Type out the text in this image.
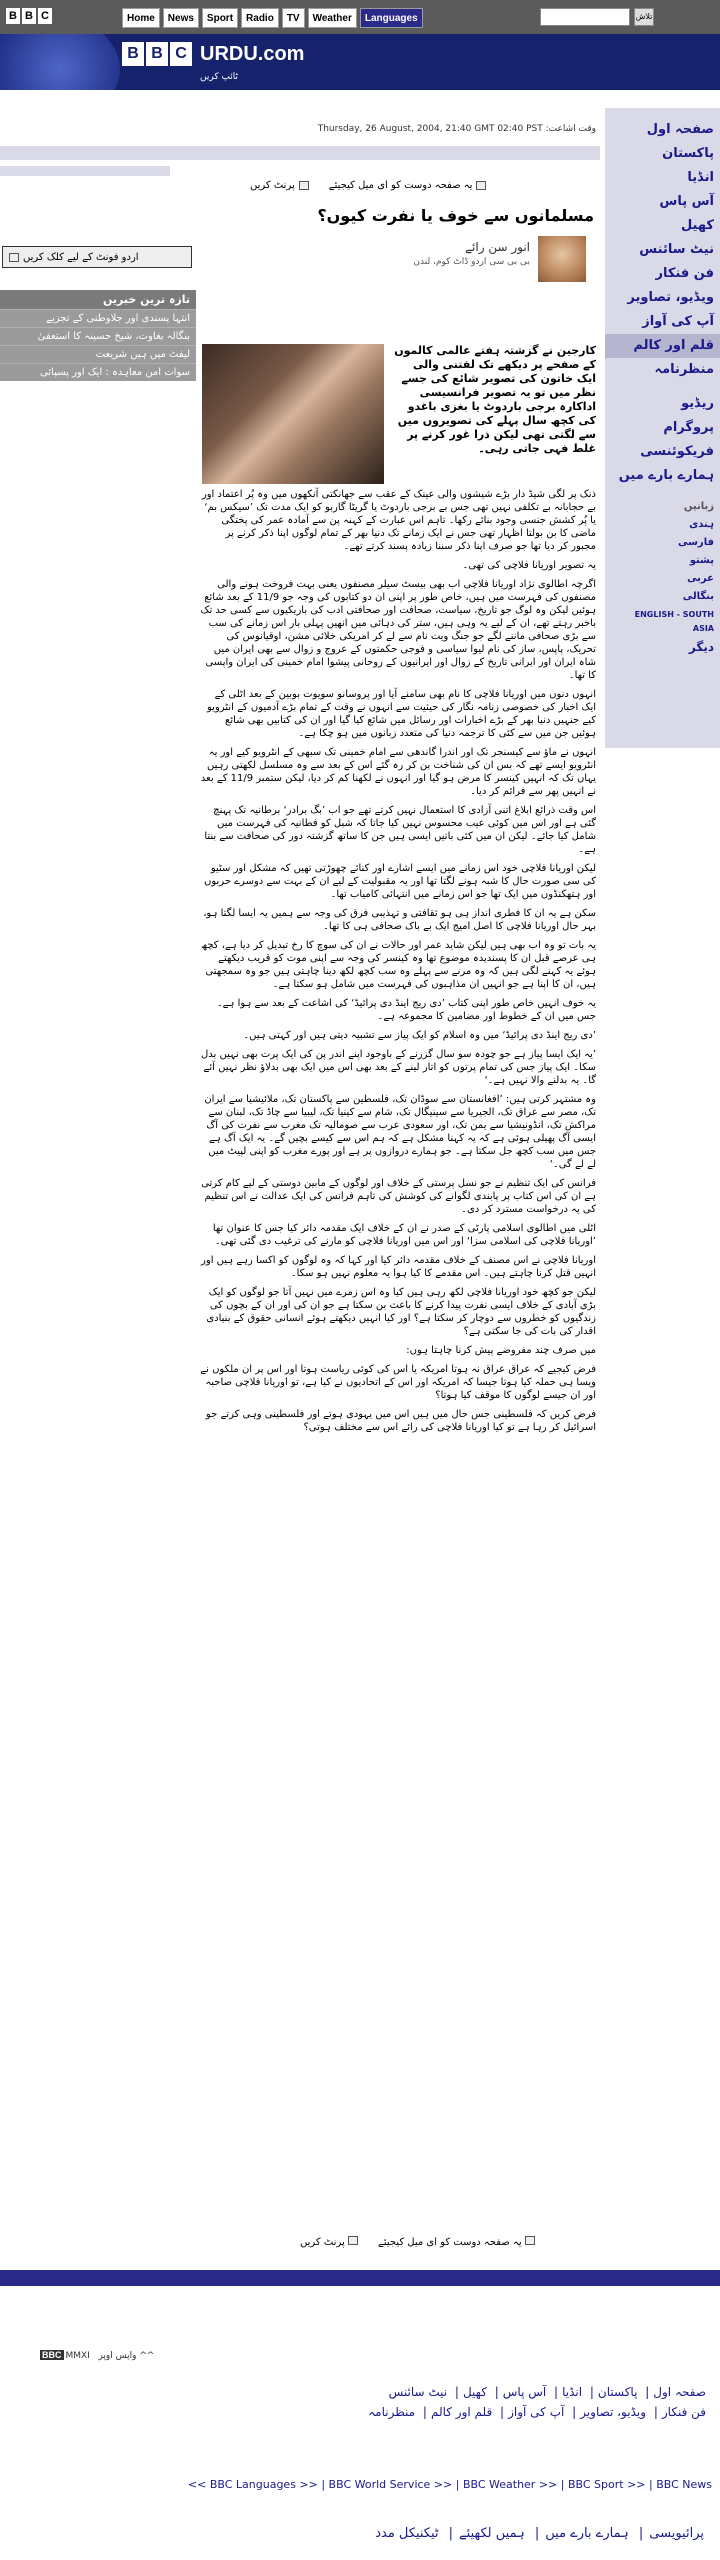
B B C	Home	News	Sport	Radio	TV	Weather	Languages	تلاش
B B C URDU.com
ٹائپ کریں
صفحہ اول
پاکستان
انڈیا
آس پاس
کھیل
نیٹ سائنس
فن فنکار
ویڈیو، تصاویر
آپ کی آواز
قلم اور کالم
منظرنامہ
ریڈیو
پروگرام
فریکوئنسی
ہمارے بارے میں
زبانیں
ہندی
فارسی
پشتو
عربی
بنگالی
ENGLISH - SOUTH ASIA
دیگر
وقت اشاعت: Thursday, 26 August, 2004, 21:40 GMT 02:40 PST
یہ صفحہ دوست کو ای میل کیجیئے
پرنٹ کریں
مسلمانوں سے خوف یا نفرت کیوں؟
انور سن رائے
بی بی سی اردو ڈاٹ کوم، لندن
اردو فونٹ کے لیے کلک کریں
تازہ ترین خبریں
انتہا پسندی اور جلاوطنی کے تجزیے
بنگالہ بغاوت، شیخ حسینہ کا استعفیٰ
لیفٹ میں ہیں شریعت
سوات امن معاہدہ : ایک اور پسپائی
کارجین نے گزشتہ ہفتے عالمی کالموں کے صفحے پر دیکھے تک لفتنی والی ایک خاتون کی تصویر شائع کی جسے نظر میں تو یہ تصویر فرانسیسی اداکارہ برجی باردوٹ یا بغزی باغدو کی کچھ سال پہلے کی تصویروں میں سے لگتی تھی لیکن ذرا غور کرنے پر غلط فہی جاتی رہی۔

ذنک پر لگی شیڈ دار بڑے شیشوں والی عینک کے عقب سے جھانکتی آنکھوں میں وہ پُر اعتماد اور بے حجابانہ بے تکلفی نہیں تھی جس بے برجی باردوٹ یا گریٹا گاربو کو ایک مدت تک ’سیکس بم‘ یا پُر کشش جنسی وجود بنائے رکھا۔ تاہم اس عبارت کے کہنہ پن سے آمادہ عمر کی پختگی ماضی کا بن بولتا اظہار تھی جس نے ایک زمانے تک دنیا بھر کے تمام لوگوں اپنا ذکر کرنے پر مجبور کر دیا تھا جو صرف اپنا ذکر سننا زیادہ پسند کرتے تھے۔

یہ تصویر اوریانا فلاچی کی تھی۔

اگرچہ اطالوی نژاد اوریانا فلاچی اب بھی بیسٹ سیلر مصنفوں یعنی بہت فروخت ہونے والی مصنفوں کی فہرست میں ہیں، خاص طور پر اپنی ان دو کتابوں کی وجہ جو 11/9 کے بعد شائع ہوئیں لیکن وہ لوگ جو تاریخ، سیاست، صحافت اور صحافتی ادب کی باریکیوں سے کسی حد تک باخبر رہتے تھے، ان کے لیے یہ وہی ہیں، ستر کی دہائی میں انھیں پہلی بار اس زمانے کی سب سے بڑی صحافی ماننے لگے جو جنگ ویت نام سے لے کر امریکی خلائی مشن، اوقیانوس کی تحریک، پاپس، ساز کی نام لیوا سیاسی و فوجی حکمتوں کے عروج و زوال سے بھی ایران میں شاہ ایران اور ایرانی تاریخ کے زوال اور ایرانیوں کے روحانی پیشوا امام خمینی کی ایران واپسی کا تھا۔

انہوں دنوں میں اوریانا فلاچی کا نام بھی سامنے آیا اور پروسانو سویوت بوبین کے بعد اٹلی کے ایک اخبار کی خصوصی زنامہ نگار کی حیثیت سے انہوں نے وقت کے تمام بڑے آدمیوں کے انٹرویو کیے جنہیں دنیا بھر کے بڑے اخبارات اور رسائل میں شائع کیا گیا اور ان کی کتابیں بھی شائع ہوئیں جن میں سے کئی کا ترجمہ دنیا کی متعدد زبانوں میں ہو چکا ہے۔

انہوں نے ماؤ سے کیسنجر تک اور اندرا گاندھی سے امام خمینی تک سبھی کے انٹرویو کیے اور یہ انٹرویو ایسے تھے کہ بس ان کی شناخت بن کر رہ گئے اس کے بعد سے وہ مسلسل لکھتی رہیں یہاں تک کہ انہیں کینسر کا مرض ہو گیا اور انہوں نے لکھنا کم کر دیا، لیکن ستمبر 11/9 کے بعد نے انہیں پھر سے فرائم کر دیا۔

اس وقت ذرائع ابلاغ اتنی آزادی کا استعمال نہیں کرتے تھے جو اب ’بگ برادر‘ برطانیہ تک پہنچ گئی ہے اور اس میں کوئی عیب محسوس نہیں کیا جاتا کہ شبل کو فطانیہ کی فہرست میں شامل کیا جائے۔ لیکن ان میں کئی باتیں ایسی ہیں جن کا ساتھ گزشتہ دور کی صحافت سے بنتا ہے۔

لیکن اوریانا فلاچی خود اس زمانے میں ایسے اشارے اور کنائے چھوڑتی تھیں کہ مشکل اور سٹیو کی سی صورت حال کا شبہ ہونے لگتا تھا اور یہ مقبولیت کے لیے ان کے بہت سے دوسرے حربوں اور ہتھکنڈوں میں ایک تھا جو اس زمانے میں انتہائی کامیاب تھا۔

سکن ہے یہ ان کا فطری انداز ہی ہو ثقافتی و تہذیبی فرق کی وجہ سے ہمیں یہ ایسا لگتا ہو، بہر حال اوریانا فلاچی کا اصل امیج ایک بے باک صحافی ہی کا تھا۔

یہ بات تو وہ اب بھی ہیں لیکن شاید عمر اور حالات نے ان کی سوچ کا رخ تبدیل کر دیا ہے، کچھ ہی عرصے قبل ان کا پسندیدہ موضوع تھا وہ کینسر کی وجہ سے اپنی موت کو قریب دیکھتے ہوئے یہ کہنے لگی ہیں کہ وہ مرنے سے پہلے وہ سب کچھ لکھ دینا چاہتی ہیں جو وہ سمجھتی ہیں، ان کا اپنا ہے جو انہیں ان مذاہبوں کی فہرست میں شامل ہو سکتا ہے۔

یہ خوف انہیں خاص طور اپنی کتاب ’دی ریج اینڈ دی پرائیڈ‘ کی اشاعت کے بعد سے ہوا ہے۔ جس میں ان کے خطوط اور مضامین کا مجموعہ ہے۔

’دی ریج اینڈ دی پرائیڈ‘ میں وہ اسلام کو ایک پیاز سے تشبیہ دیتی ہیں اور کہتی ہیں۔

’یہ ایک ایسا پیاز ہے جو چودہ سو سال گزرنے کے باوجود اپنے اندر پن کی ایک پرت بھی نہیں بدل سکا۔ ایک پیاز جس کی تمام پرتوں کو اتار لینے کے بعد بھی اس میں ایک بھی بدلاؤ نظر نہیں آئے گا۔ یہ بدلنے والا نہیں ہے۔‘

وہ مشتہر کرتی ہیں: ’افغانستان سے سوڈان تک، فلسطین سے پاکستان تک، ملائیشیا سے ایران تک، مصر سے عراق تک، الجیریا سے سینیگال تک، شام سے کینیا تک، لیبیا سے چاڈ تک، لبنان سے مراکش تک، انڈونیشیا سے یمن تک، اور سعودی عرب سے صومالیہ تک مغرب سے نفرت کی آگ ایسی آگ پھیلی ہوئی ہے کہ یہ کہنا مشکل ہے کہ ہم اس سے کیسے بچیں گے۔ یہ ایک آگ ہے جس میں سب کچھ جل سکتا ہے۔ جو ہمارے دروازوں پر ہے اور پورے مغرب کو اپنی لپیٹ میں لے لے گی۔‘

فرانس کی ایک تنظیم نے جو نسل پرستی کے خلاف اور لوگوں کے مابین دوستی کے لیے کام کرتی ہے ان کی اس کتاب پر پابندی لگوانے کی کوشش کی تاہم فرانس کی ایک عدالت نے اس تنظیم کی یہ درخواست مسترد کر دی۔

اٹلی میں اطالوی اسلامی پارٹی کے صدر نے ان کے خلاف ایک مقدمہ دائر کیا جس کا عنوان تھا ’اوریانا فلاچی کی اسلامی سزا‘ اور اس میں اوریانا فلاچی کو مارنے کی ترغیب دی گئی تھی۔

اوریانا فلاچی نے اس مصنف کے خلاف مقدمہ دائر کیا اور کہا کہ وہ لوگوں کو اکسا رہے ہیں اور انہیں قتل کرنا چاہتے ہیں۔ اس مقدمے کا کیا ہوا یہ معلوم نہیں ہو سکا۔

لیکن جو کچھ خود اوریانا فلاچی لکھ رہی ہیں کیا وہ اس زمرے میں نہیں آتا جو لوگوں کو ایک بڑی آبادی کے خلاف ایسی نفرت پیدا کرنے کا باعث بن سکتا ہے جو ان کی اور ان کے بچوں کی زندگیوں کو خطروں سے دوچار کر سکتا ہے؟ اور کیا انہیں دیکھتے ہوئے انسانی حقوق کے بنیادی اقدار کی بات کی جا سکتی ہے؟

میں صرف چند مفروضے پیش کرنا چاہتا ہوں:

فرض کیجیے کہ عراق عراق نہ ہوتا امریکہ یا اس کی کوئی ریاست ہوتا اور اس پر ان ملکوں نے ویسا ہی حملہ کیا ہوتا جیسا کہ امریکہ اور اس کے اتحادیوں نے کیا ہے، تو اوریانا فلاچی صاحبہ اور ان جیسے لوگوں کا موقف کیا ہوتا؟

فرض کریں کہ فلسطینی جس حال میں ہیں اس میں یہودی ہوتے اور فلسطینی وہی کرتے جو اسرائیل کر رہا ہے تو کیا اوریانا فلاچی کی رائے اس سے مختلف ہوتی؟

یہ صفحہ دوست کو ای میل کیجیئے
پرنٹ کریں
BBC MMXI واپس اوپر ^^
صفحہ اول| پاکستان| انڈیا| آس پاس| کھیل| نیٹ سائنس
فن فنکار| ویڈیو، تصاویر| آپ کی آواز| قلم اور کالم| منظرنامہ
<< BBC Languages >> | BBC World Service >> | BBC Weather >> | BBC Sport >> | BBC News
پرائیویسی| ہمارے بارے میں| ہمیں لکھیئے| ٹیکنیکل مدد
